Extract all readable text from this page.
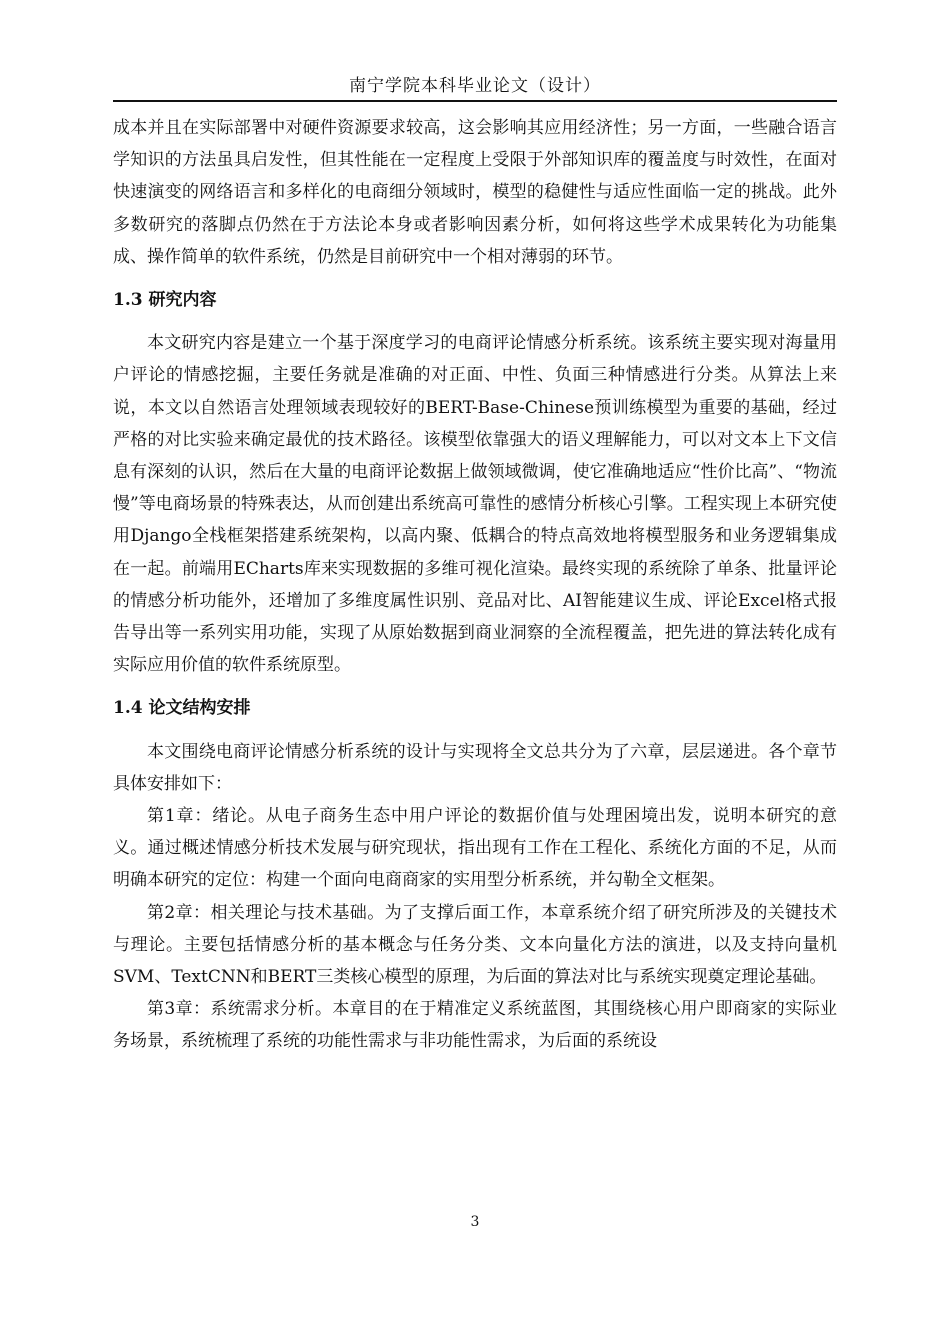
南宁学院本科毕业论文（设计）

成本并且在实际部署中对硬件资源要求较高，这会影响其应用经济性；另一方面，一些融合语言学知识的方法虽具启发性，但其性能在一定程度上受限于外部知识库的覆盖度与时效性，在面对快速演变的网络语言和多样化的电商细分领域时，模型的稳健性与适应性面临一定的挑战。此外多数研究的落脚点仍然在于方法论本身或者影响因素分析，如何将这些学术成果转化为功能集成、操作简单的软件系统，仍然是目前研究中一个相对薄弱的环节。

1.3 研究内容

本文研究内容是建立一个基于深度学习的电商评论情感分析系统。该系统主要实现对海量用户评论的情感挖掘，主要任务就是准确的对正面、中性、负面三种情感进行分类。从算法上来说，本文以自然语言处理领域表现较好的BERT-Base-Chinese预训练模型为重要的基础，经过严格的对比实验来确定最优的技术路径。该模型依靠强大的语义理解能力，可以对文本上下文信息有深刻的认识，然后在大量的电商评论数据上做领域微调，使它准确地适应“性价比高”、“物流慢”等电商场景的特殊表达，从而创建出系统高可靠性的感情分析核心引擎。工程实现上本研究使用Django全栈框架搭建系统架构，以高内聚、低耦合的特点高效地将模型服务和业务逻辑集成在一起。前端用ECharts库来实现数据的多维可视化渲染。最终实现的系统除了单条、批量评论的情感分析功能外，还增加了多维度属性识别、竞品对比、AI智能建议生成、评论Excel格式报告导出等一系列实用功能，实现了从原始数据到商业洞察的全流程覆盖，把先进的算法转化成有实际应用价值的软件系统原型。

1.4 论文结构安排

本文围绕电商评论情感分析系统的设计与实现将全文总共分为了六章，层层递进。各个章节具体安排如下：

第1章：绪论。从电子商务生态中用户评论的数据价值与处理困境出发，说明本研究的意义。通过概述情感分析技术发展与研究现状，指出现有工作在工程化、系统化方面的不足，从而明确本研究的定位：构建一个面向电商商家的实用型分析系统，并勾勒全文框架。

第2章：相关理论与技术基础。为了支撑后面工作，本章系统介绍了研究所涉及的关键技术与理论。主要包括情感分析的基本概念与任务分类、文本向量化方法的演进，以及支持向量机SVM、TextCNN和BERT三类核心模型的原理，为后面的算法对比与系统实现奠定理论基础。

第3章：系统需求分析。本章目的在于精准定义系统蓝图，其围绕核心用户即商家的实际业务场景，系统梳理了系统的功能性需求与非功能性需求，为后面的系统设

3
